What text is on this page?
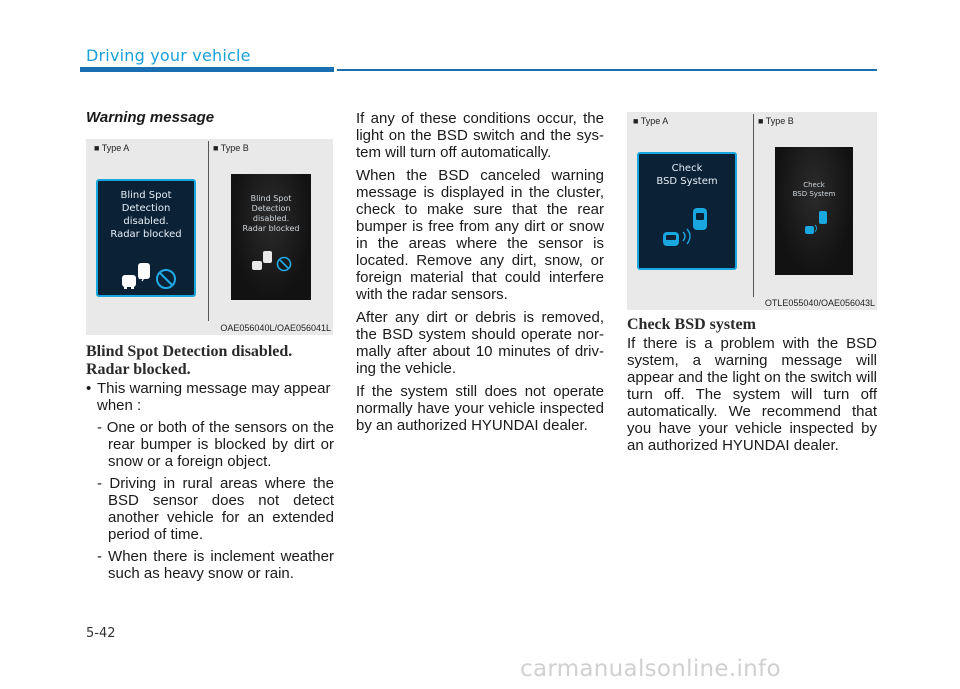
Driving your vehicle
Warning message
■ Type A	■ Type B
Blind Spot
Detection
disabled.
Radar blocked
Blind Spot
Detection
disabled.
Radar blocked
OAE056040L/OAE056041L
Blind Spot Detection disabled.
Radar blocked.
• This warning message may appear when :
- One or both of the sensors on the rear bumper is blocked by dirt or snow or a foreign object.
- Driving in rural areas where the BSD sensor does not detect another vehicle for an extended period of time.
- When there is inclement weather such as heavy snow or rain.

If any of these conditions occur, the light on the BSD switch and the sys-tem will turn off automatically.

When the BSD canceled warning message is displayed in the cluster, check to make sure that the rear bumper is free from any dirt or snow in the areas where the sensor is located. Remove any dirt, snow, or foreign material that could interfere with the radar sensors.

After any dirt or debris is removed, the BSD system should operate nor-mally after about 10 minutes of driv-ing the vehicle.

If the system still does not operate normally have your vehicle inspected by an authorized HYUNDAI dealer.

■ Type A	■ Type B
Check
BSD System	Check
BSD System
OTLE055040/OAE056043L
Check BSD system

If there is a problem with the BSD system, a warning message will appear and the light on the switch will turn off. The system will turn off automatically. We recommend that you have your vehicle inspected by an authorized HYUNDAI dealer.

5-42
carmanualsonline.info
